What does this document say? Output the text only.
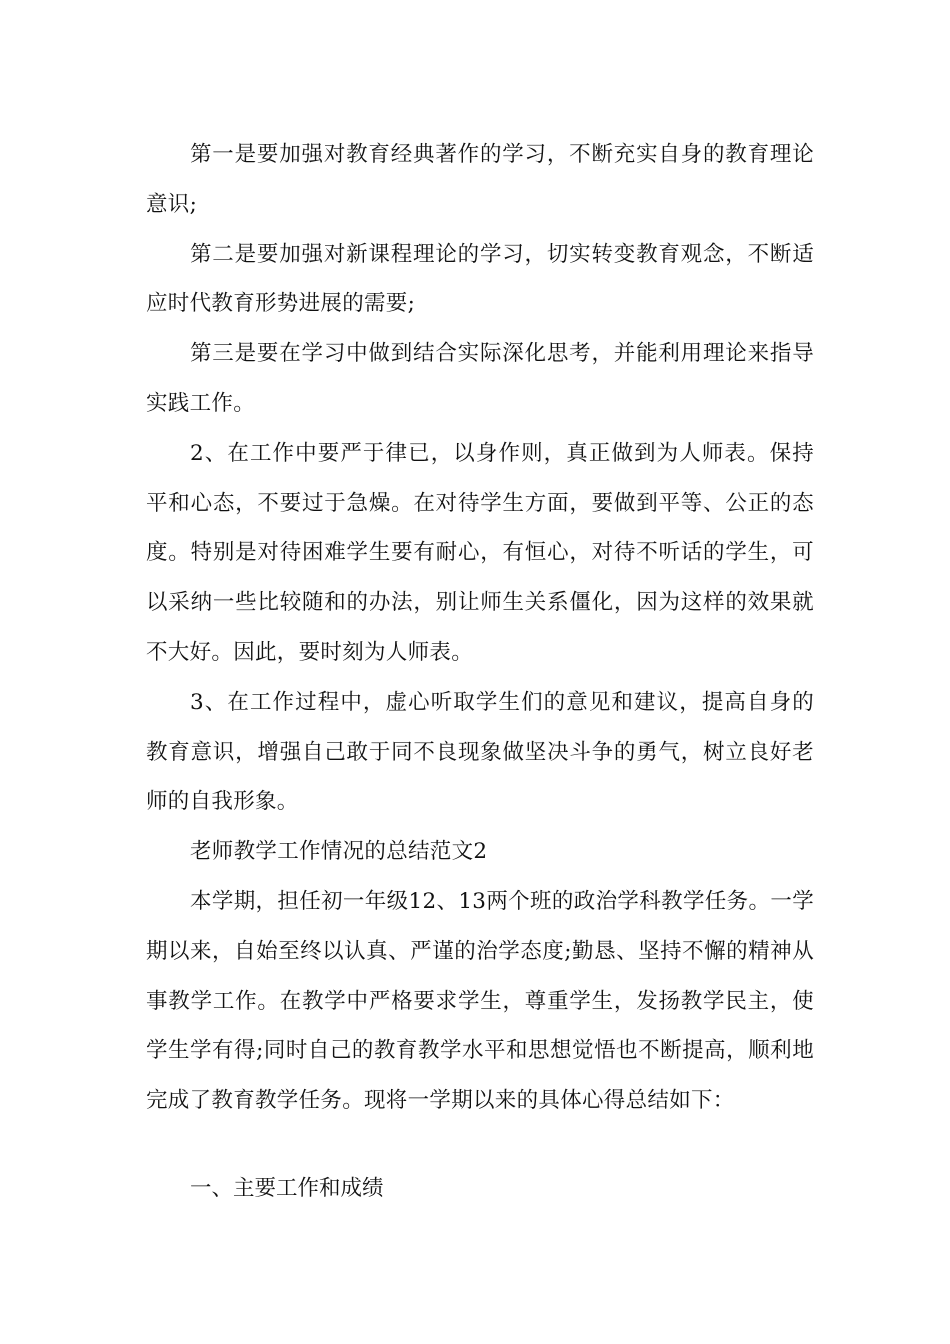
第一是要加强对教育经典著作的学习，不断充实自身的教育理论意识;

第二是要加强对新课程理论的学习，切实转变教育观念，不断适应时代教育形势进展的需要;

第三是要在学习中做到结合实际深化思考，并能利用理论来指导实践工作。

2、在工作中要严于律已，以身作则，真正做到为人师表。保持平和心态，不要过于急燥。在对待学生方面，要做到平等、公正的态度。特别是对待困难学生要有耐心，有恒心，对待不听话的学生，可以采纳一些比较随和的办法，别让师生关系僵化，因为这样的效果就不大好。因此，要时刻为人师表。

3、在工作过程中，虚心听取学生们的意见和建议，提高自身的教育意识，增强自己敢于同不良现象做坚决斗争的勇气，树立良好老师的自我形象。

老师教学工作情况的总结范文2

本学期，担任初一年级12、13两个班的政治学科教学任务。一学期以来，自始至终以认真、严谨的治学态度;勤恳、坚持不懈的精神从事教学工作。在教学中严格要求学生，尊重学生，发扬教学民主，使学生学有得;同时自己的教育教学水平和思想觉悟也不断提高，顺利地完成了教育教学任务。现将一学期以来的具体心得总结如下：

一、主要工作和成绩
